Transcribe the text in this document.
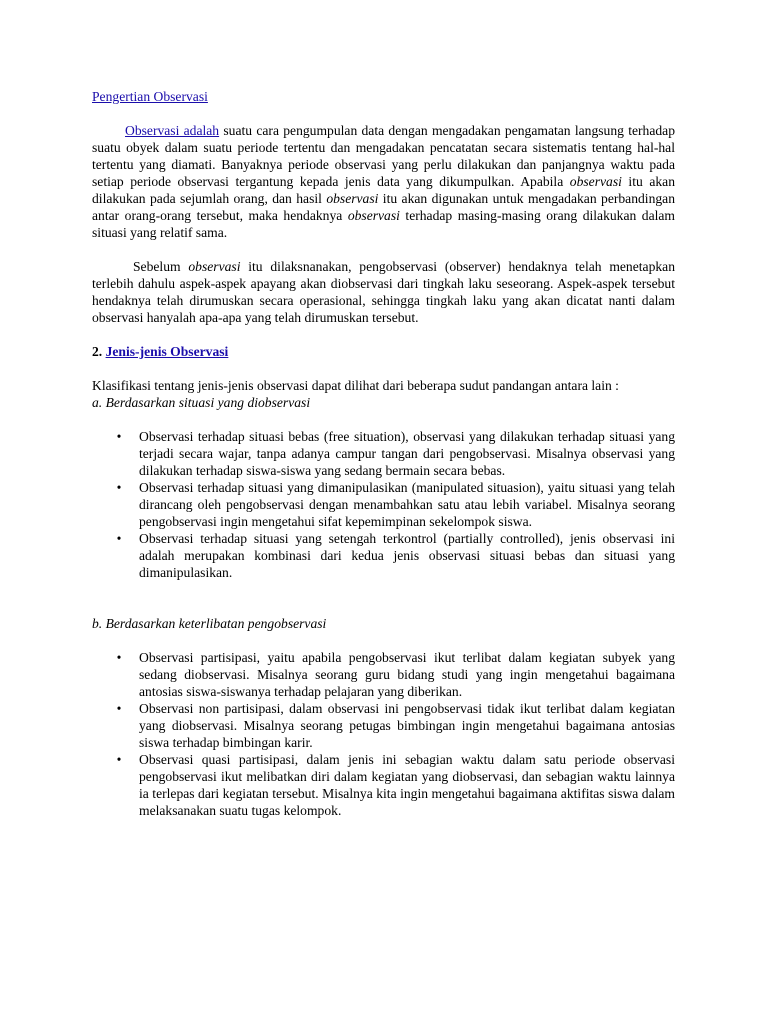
Pengertian Observasi

Observasi adalah suatu cara pengumpulan data dengan mengadakan pengamatan langsung terhadap suatu obyek dalam suatu periode tertentu dan mengadakan pencatatan secara sistematis tentang hal-hal tertentu yang diamati. Banyaknya periode observasi yang perlu dilakukan dan panjangnya waktu pada setiap periode observasi tergantung kepada jenis data yang dikumpulkan. Apabila observasi itu akan dilakukan pada sejumlah orang, dan hasil observasi itu akan digunakan untuk mengadakan perbandingan antar orang-orang tersebut, maka hendaknya observasi terhadap masing-masing orang dilakukan dalam situasi yang relatif sama.

Sebelum observasi itu dilaksnanakan, pengobservasi (observer) hendaknya telah menetapkan terlebih dahulu aspek-aspek apayang akan diobservasi dari tingkah laku seseorang. Aspek-aspek tersebut hendaknya telah dirumuskan secara operasional, sehingga tingkah laku yang akan dicatat nanti dalam observasi hanyalah apa-apa yang telah dirumuskan tersebut.

2. Jenis-jenis Observasi

Klasifikasi tentang jenis-jenis observasi dapat dilihat dari beberapa sudut pandangan antara lain :

a. Berdasarkan situasi yang diobservasi

• Observasi terhadap situasi bebas (free situation), observasi yang dilakukan terhadap situasi yang terjadi secara wajar, tanpa adanya campur tangan dari pengobservasi. Misalnya observasi yang dilakukan terhadap siswa-siswa yang sedang bermain secara bebas.
• Observasi terhadap situasi yang dimanipulasikan (manipulated situasion), yaitu situasi yang telah dirancang oleh pengobservasi dengan menambahkan satu atau lebih variabel. Misalnya seorang pengobservasi ingin mengetahui sifat kepemimpinan sekelompok siswa.
• Observasi terhadap situasi yang setengah terkontrol (partially controlled), jenis observasi ini adalah merupakan kombinasi dari kedua jenis observasi situasi bebas dan situasi yang dimanipulasikan.

b. Berdasarkan keterlibatan pengobservasi

• Observasi partisipasi, yaitu apabila pengobservasi ikut terlibat dalam kegiatan subyek yang sedang diobservasi. Misalnya seorang guru bidang studi yang ingin mengetahui bagaimana antosias siswa-siswanya terhadap pelajaran yang diberikan.
• Observasi non partisipasi, dalam observasi ini pengobservasi tidak ikut terlibat dalam kegiatan yang diobservasi. Misalnya seorang petugas bimbingan ingin mengetahui bagaimana antosias siswa terhadap bimbingan karir.
• Observasi quasi partisipasi, dalam jenis ini sebagian waktu dalam satu periode observasi pengobservasi ikut melibatkan diri dalam kegiatan yang diobservasi, dan sebagian waktu lainnya ia terlepas dari kegiatan tersebut. Misalnya kita ingin mengetahui bagaimana aktifitas siswa dalam melaksanakan suatu tugas kelompok.
